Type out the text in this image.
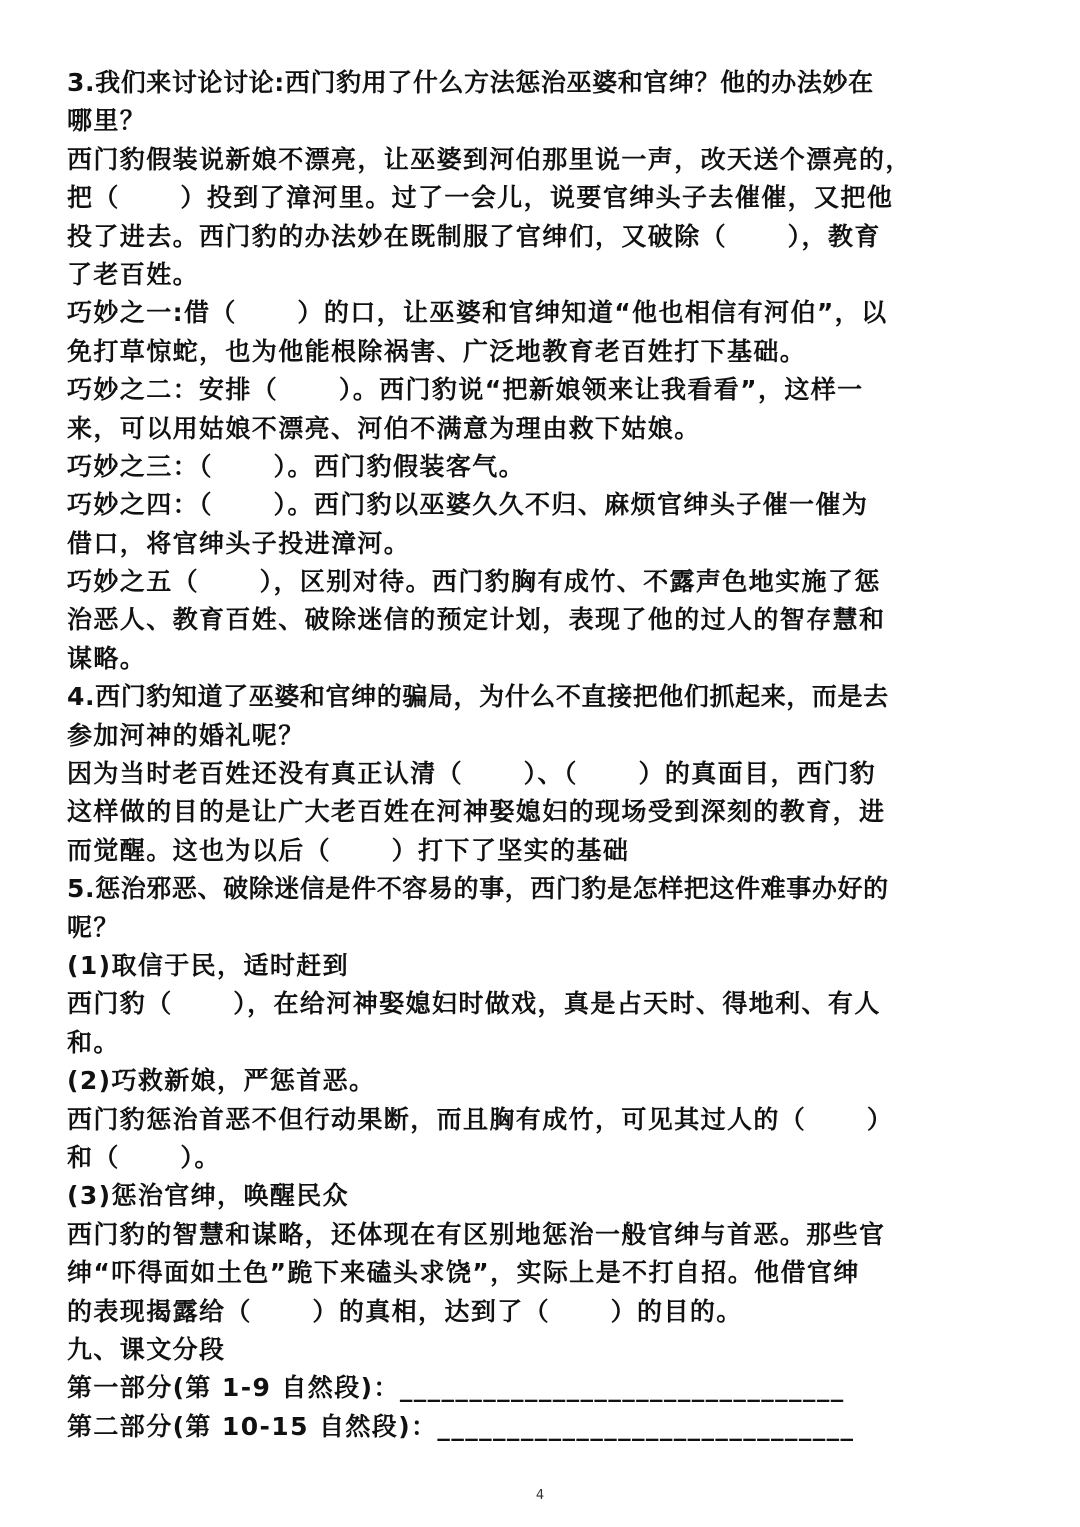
3.我们来讨论讨论:西门豹用了什么方法惩治巫婆和官绅？他的办法妙在
哪里？
西门豹假装说新娘不漂亮，让巫婆到河伯那里说一声，改天送个漂亮的，
把（      ）投到了漳河里。过了一会儿，说要官绅头子去催催，又把他
投了进去。西门豹的办法妙在既制服了官绅们，又破除（      ），教育
了老百姓。
巧妙之一:借（      ）的口，让巫婆和官绅知道“他也相信有河伯”，以
免打草惊蛇，也为他能根除祸害、广泛地教育老百姓打下基础。
巧妙之二：安排（      ）。西门豹说“把新娘领来让我看看”，这样一
来，可以用姑娘不漂亮、河伯不满意为理由救下姑娘。
巧妙之三：（      ）。西门豹假装客气。
巧妙之四：（      ）。西门豹以巫婆久久不归、麻烦官绅头子催一催为
借口，将官绅头子投进漳河。
巧妙之五（      ），区别对待。西门豹胸有成竹、不露声色地实施了惩
治恶人、教育百姓、破除迷信的预定计划，表现了他的过人的智存慧和
谋略。
4.西门豹知道了巫婆和官绅的骗局，为什么不直接把他们抓起来，而是去
参加河神的婚礼呢？
因为当时老百姓还没有真正认清（      ）、（      ）的真面目，西门豹
这样做的目的是让广大老百姓在河神娶媳妇的现场受到深刻的教育，进
而觉醒。这也为以后（      ）打下了坚实的基础
5.惩治邪恶、破除迷信是件不容易的事，西门豹是怎样把这件难事办好的
呢？
(1)取信于民，适时赶到
西门豹（      ），在给河神娶媳妇时做戏，真是占天时、得地利、有人
和。
(2)巧救新娘，严惩首恶。
西门豹惩治首恶不但行动果断，而且胸有成竹，可见其过人的（      ）
和（      ）。
(3)惩治官绅，唤醒民众
西门豹的智慧和谋略，还体现在有区别地惩治一般官绅与首恶。那些官
绅“吓得面如土色”跪下来磕头求饶”，实际上是不打自招。他借官绅
的表现揭露给（      ）的真相，达到了（      ）的目的。
九、课文分段
第一部分(第 1-9 自然段)：________________________________
第二部分(第 10-15 自然段)：______________________________
4
